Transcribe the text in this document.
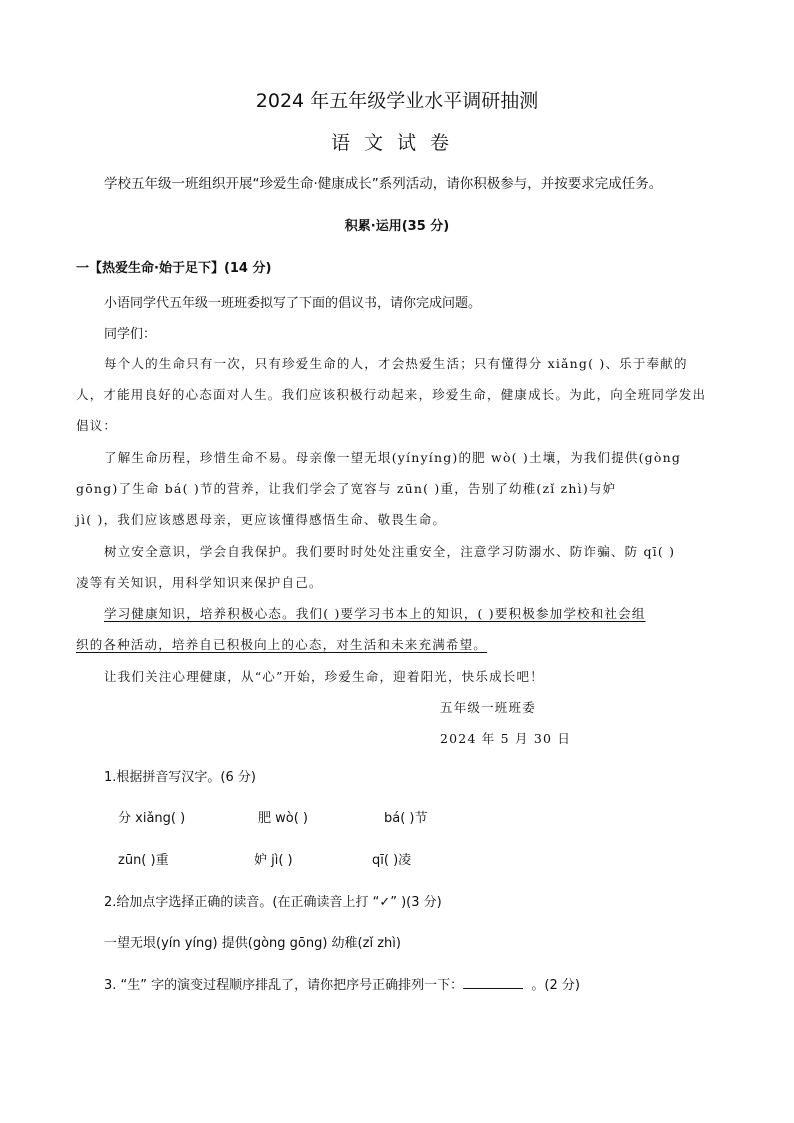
2024 年五年级学业水平调研抽测
语文试卷
学校五年级一班组织开展“珍爱生命·健康成长”系列活动，请你积极参与，并按要求完成任务。
积累·运用(35 分)
一【热爱生命·始于足下】(14 分)
小语同学代五年级一班班委拟写了下面的倡议书，请你完成问题。
同学们：
每个人的生命只有一次，只有珍爱生命的人，才会热爱生活；只有懂得分 xiǎng( )、乐于奉献的
人，才能用良好的心态面对人生。我们应该积极行动起来，珍爱生命，健康成长。为此，向全班同学发出
倡议：
了解生命历程，珍惜生命不易。母亲像一望无垠(yínyíng)的肥 wò( )土壤，为我们提供(gòng
gōng)了生命 bá( )节的营养，让我们学会了宽容与 zūn( )重，告别了幼稚(zǐ zhì)与妒
jì( )，我们应该感恩母亲，更应该懂得感悟生命、敬畏生命。
树立安全意识，学会自我保护。我们要时时处处注重安全，注意学习防溺水、防诈骗、防 qī( )
凌等有关知识，用科学知识来保护自己。
学习健康知识，培养积极心态。我们( )要学习书本上的知识，( )要积极参加学校和社会组
织的各种活动，培养自已积极向上的心态，对生活和未来充满希望。
让我们关注心理健康，从“心”开始，珍爱生命，迎着阳光，快乐成长吧！
五年级一班班委
2024 年 5 月 30 日
1.根据拼音写汉字。(6 分)
分 xiǎng( )	肥 wò( )	bá( )节
zūn( )重	妒 jì( )	qī( )凌
2.给加点字选择正确的读音。(在正确读音上打 “✓” )(3 分)
一望无垠(yín yíng) 提供(gòng gōng) 幼稚(zǐ zhì)
3. “生” 字的演变过程顺序排乱了，请你把序号正确排列一下：	。(2 分)
